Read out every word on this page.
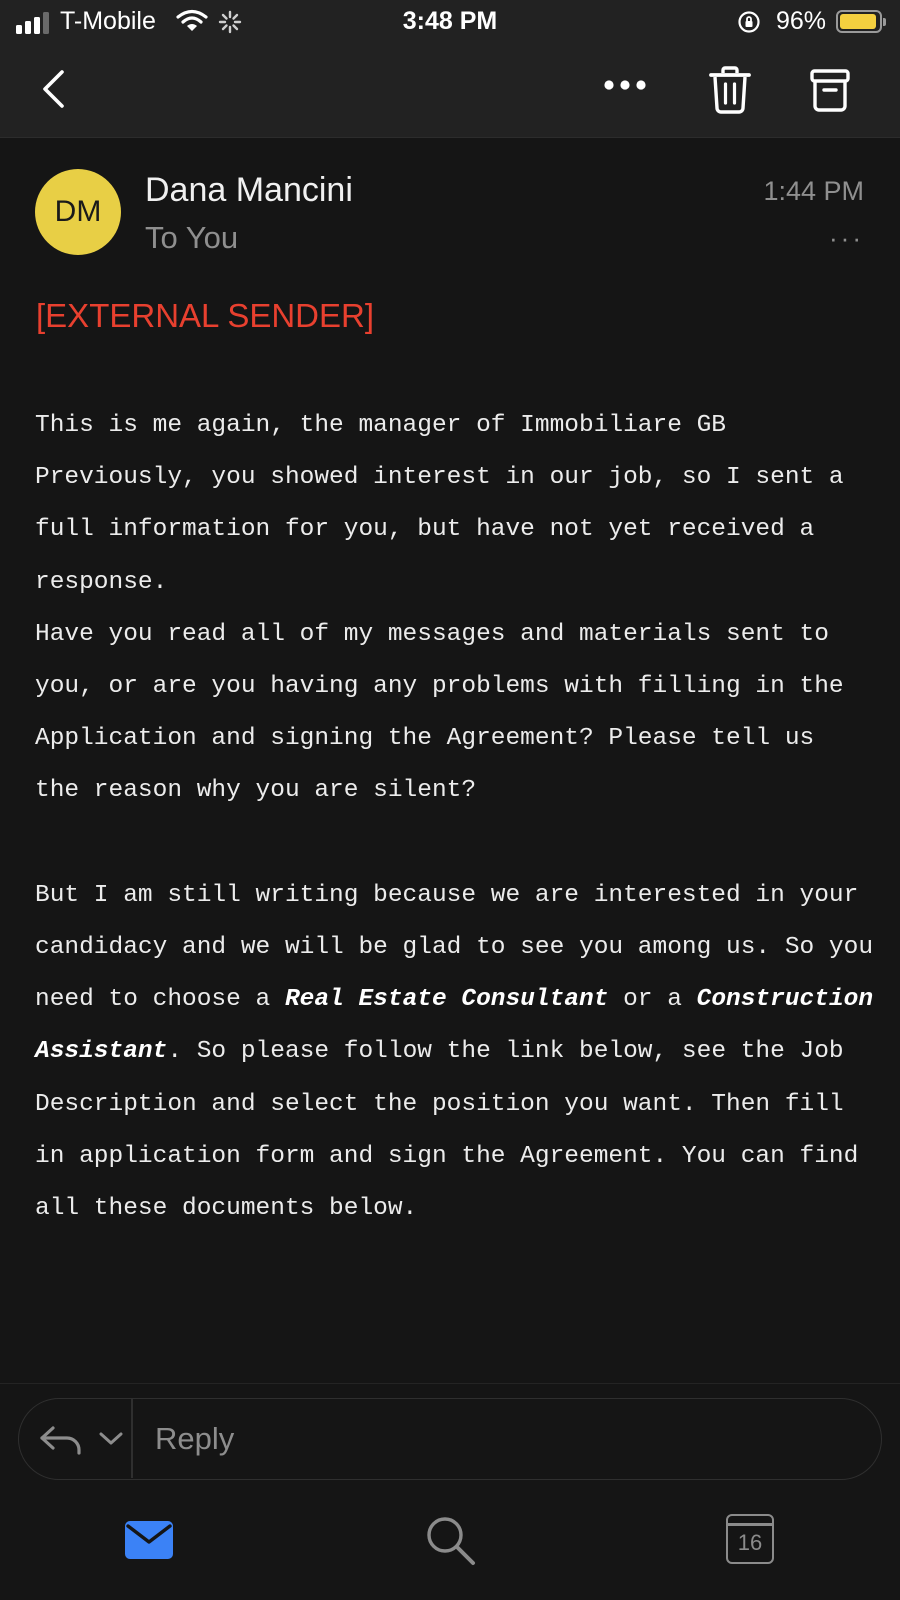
T-Mobile	3:48 PM	96%
DM
Dana Mancini
To You
1:44 PM
···
[EXTERNAL SENDER]

This is me again, the manager of Immobiliare GB

Previously, you showed interest in our job, so I sent a full information for you, but have not yet received a response.

Have you read all of my messages and materials sent to you, or are you having any problems with filling in the Application and signing the Agreement? Please tell us

the reason why you are silent?

But I am still writing because we are interested in your candidacy and we will be glad to see you among us. So you need to choose a Real Estate Consultant or a Construction Assistant. So please follow the link below, see the Job Description and select the position you want. Then fill in application form and sign the Agreement. You can find all these documents below.

Reply
16
